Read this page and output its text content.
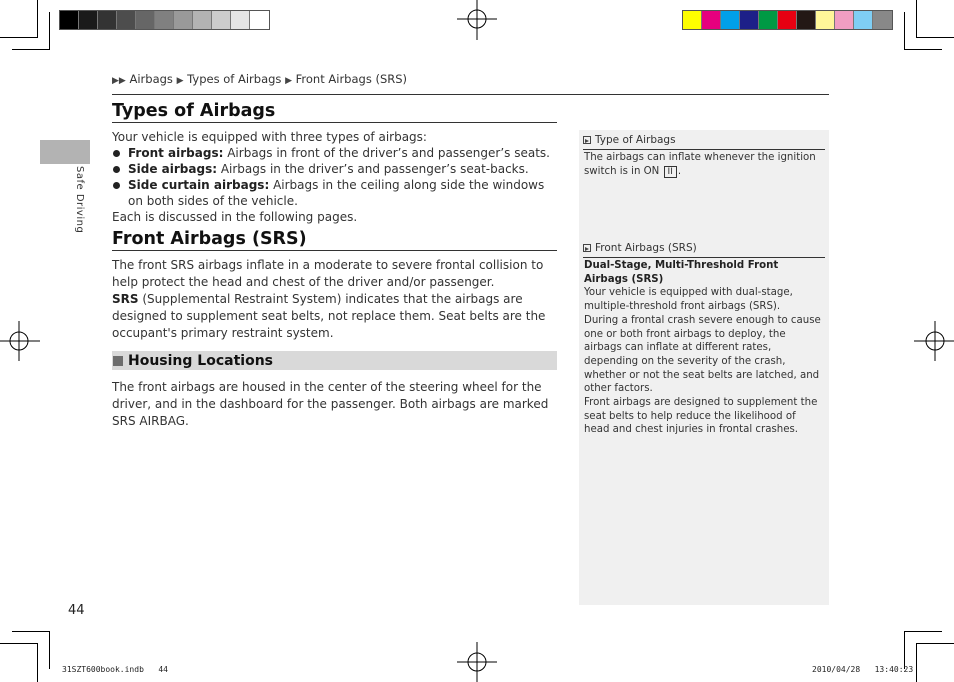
Safe Driving
▶▶ Airbags ▶ Types of Airbags ▶ Front Airbags (SRS)
Types of Airbags

Your vehicle is equipped with three types of airbags:

Front airbags: Airbags in front of the driver’s and passenger’s seats.
Side airbags: Airbags in the driver’s and passenger’s seat-backs.
Side curtain airbags: Airbags in the ceiling along side the windows on both sides of the vehicle.

Each is discussed in the following pages.

Front Airbags (SRS)

The front SRS airbags inflate in a moderate to severe frontal collision to help protect the head and chest of the driver and/or passenger.

SRS (Supplemental Restraint System) indicates that the airbags are designed to supplement seat belts, not replace them. Seat belts are the occupant's primary restraint system.

Housing Locations

The front airbags are housed in the center of the steering wheel for the driver, and in the dashboard for the passenger. Both airbags are marked SRS AIRBAG.

Type of Airbags
The airbags can inflate whenever the ignition switch is in ON II .
Front Airbags (SRS)
Dual-Stage, Multi-Threshold Front Airbags (SRS)
Your vehicle is equipped with dual-stage, multiple-threshold front airbags (SRS).
During a frontal crash severe enough to cause one or both front airbags to deploy, the airbags can inflate at different rates, depending on the severity of the crash, whether or not the seat belts are latched, and other factors.
Front airbags are designed to supplement the seat belts to help reduce the likelihood of head and chest injuries in frontal crashes.
44
31SZT600book.indb   44	2010/04/28   13:40:23
